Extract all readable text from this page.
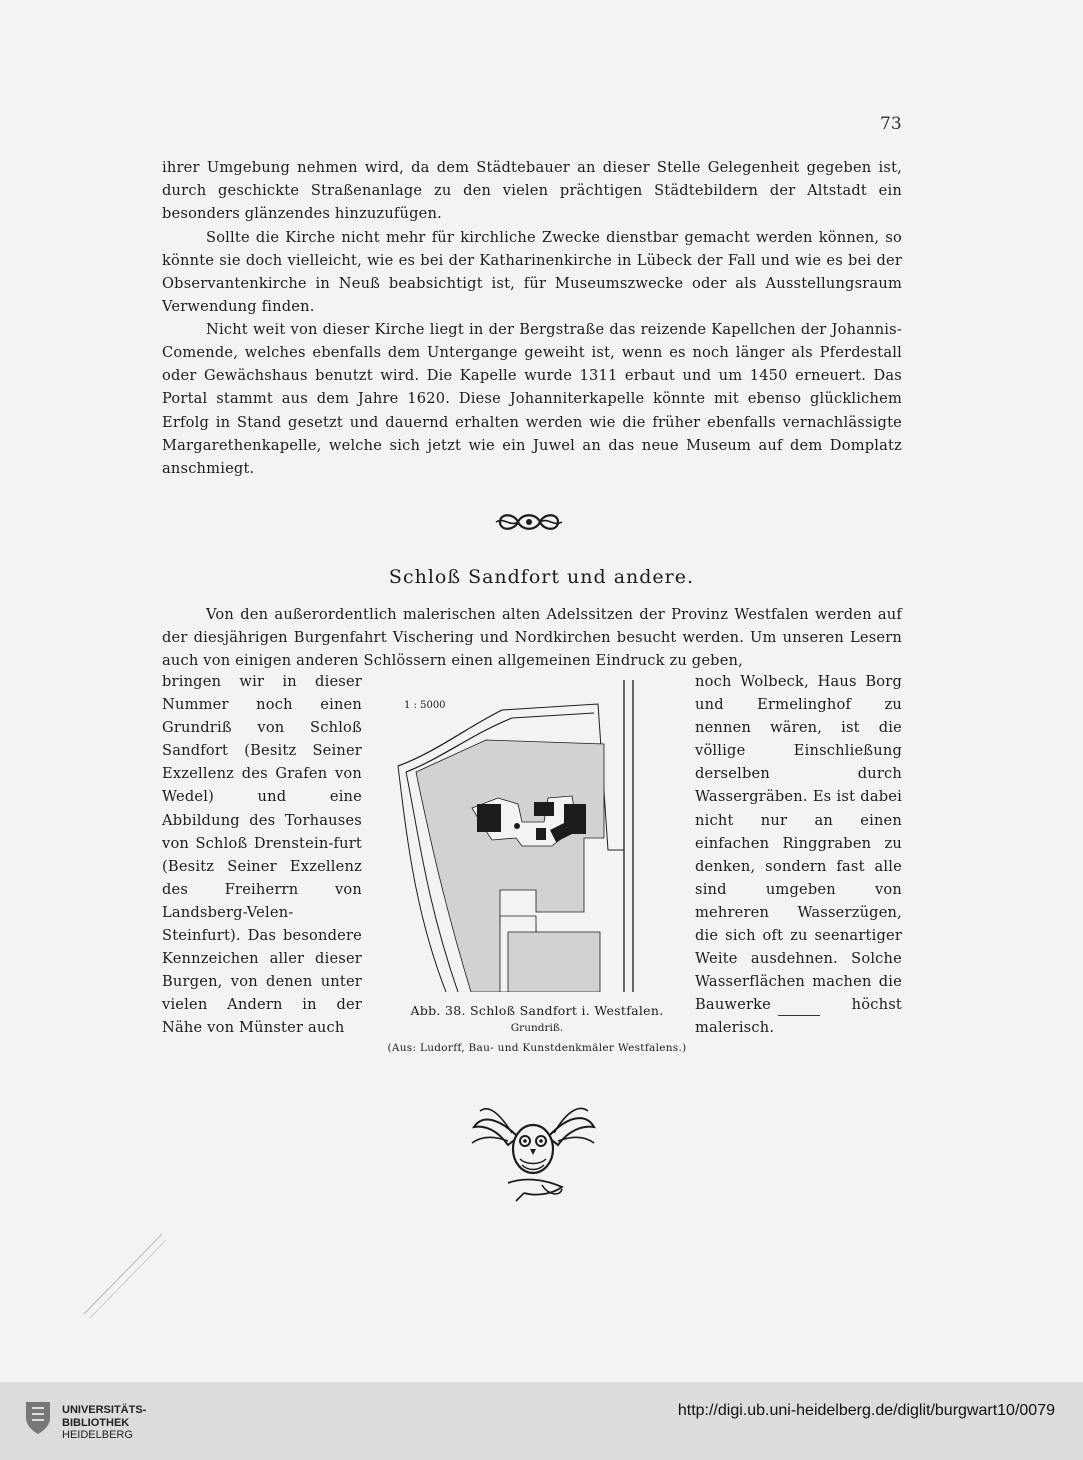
73

ihrer Umgebung nehmen wird, da dem Städtebauer an dieser Stelle Gelegenheit gegeben ist, durch geschickte Straßenanlage zu den vielen prächtigen Städtebildern der Altstadt ein besonders glänzendes hinzuzufügen.

Sollte die Kirche nicht mehr für kirchliche Zwecke dienstbar gemacht werden können, so könnte sie doch vielleicht, wie es bei der Katharinenkirche in Lübeck der Fall und wie es bei der Observantenkirche in Neuß beabsichtigt ist, für Museumszwecke oder als Ausstellungsraum Verwendung finden.

Nicht weit von dieser Kirche liegt in der Bergstraße das reizende Kapellchen der Johannis-Comende, welches ebenfalls dem Untergange geweiht ist, wenn es noch länger als Pferdestall oder Gewächshaus benutzt wird. Die Kapelle wurde 1311 erbaut und um 1450 erneuert. Das Portal stammt aus dem Jahre 1620. Diese Johanniterkapelle könnte mit ebenso glücklichem Erfolg in Stand gesetzt und dauernd erhalten werden wie die früher ebenfalls vernachlässigte Margarethenkapelle, welche sich jetzt wie ein Juwel an das neue Museum auf dem Domplatz anschmiegt.

Schloß Sandfort und andere.

Von den außerordentlich malerischen alten Adelssitzen der Provinz Westfalen werden auf der diesjährigen Burgenfahrt Vischering und Nordkirchen besucht werden. Um unseren Lesern auch von einigen anderen Schlössern einen allgemeinen Eindruck zu geben,

bringen wir in dieser Nummer noch einen Grundriß von Schloß Sandfort (Besitz Seiner Exzellenz des Grafen von Wedel) und eine Abbildung des Torhauses von Schloß Drenstein-furt (Besitz Seiner Exzellenz des Freiherrn von Landsberg-Velen-Steinfurt). Das besondere Kennzeichen aller dieser Burgen, von denen unter vielen Andern in der Nähe von Münster auch

noch Wolbeck, Haus Borg und Ermelinghof zu nennen wären, ist die völlige Einschließung derselben durch Wassergräben. Es ist dabei nicht nur an einen einfachen Ringgraben zu denken, sondern fast alle sind umgeben von mehreren Wasserzügen, die sich oft zu seenartiger Weite ausdehnen. Solche Wasserflächen machen die Bauwerke höchst malerisch.

1 : 5000

Abb. 38. Schloß Sandfort i. Westfalen.

Grundriß.

(Aus: Ludorff, Bau- und Kunstdenkmäler Westfalens.)

UNIVERSITÄTS-
BIBLIOTHEK
HEIDELBERG

http://digi.ub.uni-heidelberg.de/diglit/burgwart10/0079
